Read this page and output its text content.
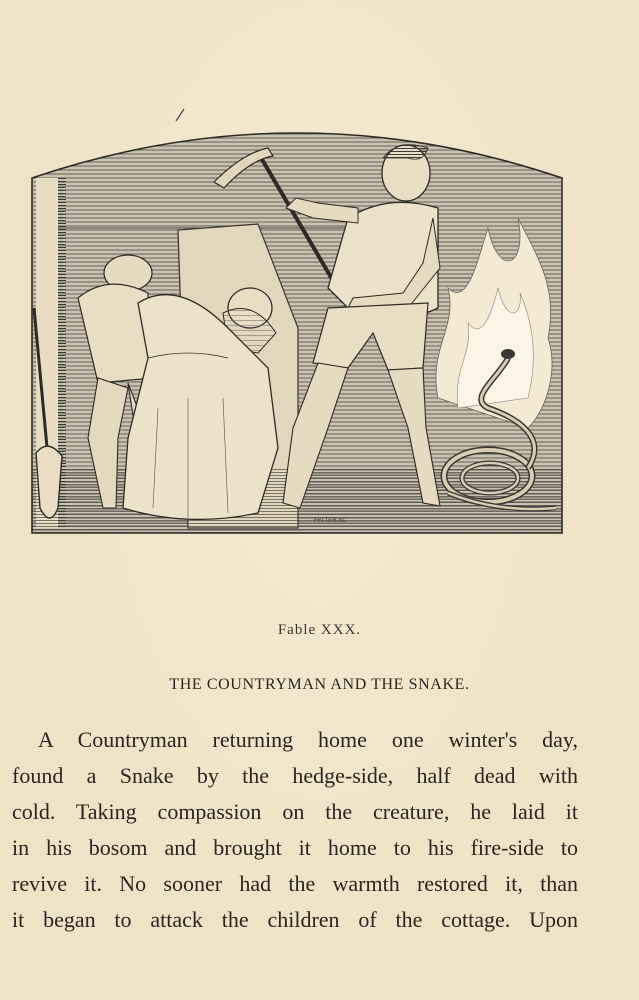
FELTER.SC
Fable XXX.
THE COUNTRYMAN AND THE SNAKE.
A Countryman returning home one winter's day,
found a Snake by the hedge-side, half dead with
cold. Taking compassion on the creature, he laid it
in his bosom and brought it home to his fire-side to
revive it. No sooner had the warmth restored it, than
it began to attack the children of the cottage. Upon
